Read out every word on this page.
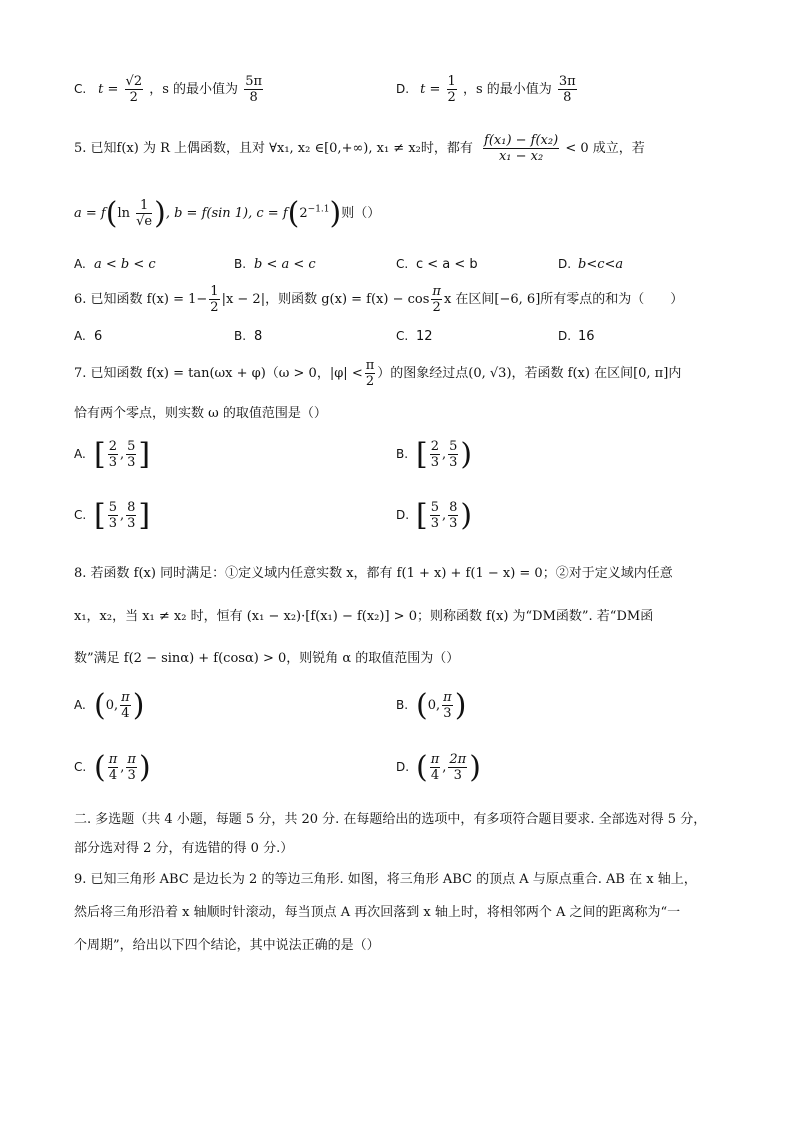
C. $t = \frac{√2}{2}$ ，s 的最小值为 $\frac{5\pi}{8}$	D. $t = \frac{1}{2}$ ，s 的最小值为 $\frac{3\pi}{8}$
5. 已知f(x) 为 R 上偶函数，且对 ∀x₁, x₂ ∈[0,+∞), x₁ ≠ x₂时，都有 $\frac{\text{f(x₁) − f(x₂)}}{\text{x₁ − x₂}} < 0$ 成立，若
$a = f(\ln \frac{1}{√e}$ ), b = f(sin 1), $c = f(2^{-1.1})$则（）
A. a < b < c	B. b < a < c	C. c < a < b	D. b<c<a
6. 已知函数 $f(x) = 1- \frac{1}{2} |x - 2|$，则函数 $g(x) = f(x) - \cos \frac{\pi}{2}$ x 在区间[−6, 6]所有零点的和为（　　）
A. 6	B. 8	C. 12	D. 16
7. 已知函数 f(x) = tan(ωx + φ)（ω > 0，$|\varphi| < \frac{\pi}{2}$ ）的图象经过点(0, √3)，若函数 f(x) 在区间[0, π]内
恰有两个零点，则实数 ω 的取值范围是（）
A. [ $\frac{2}{3}$ , $\frac{5}{3}$ ]	B. [ $\frac{2}{3}$ , $\frac{5}{3}$ )
C. [ $\frac{5}{3}$ , $\frac{8}{3}$ ]	D. [ $\frac{5}{3}$ , $\frac{8}{3}$ )
8. 若函数 f(x) 同时满足：①定义域内任意实数 x，都有 f(1 + x) + f(1 − x) = 0；②对于定义域内任意
x₁，x₂，当 x₁ ≠ x₂ 时，恒有 (x₁ − x₂)·[f(x₁) − f(x₂)] > 0；则称函数 f(x) 为“DM函数”. 若“DM函
数”满足 f(2 − sinα) + f(cosα) > 0，则锐角 α 的取值范围为（）
A. (0, $\frac{\pi}{4}$ )	B. (0, $\frac{\pi}{3}$ )
C. ( $\frac{\pi}{4}$ , $\frac{\pi}{3}$ )	D. ( $\frac{\pi}{4}$ , $\frac{2\pi}{3}$ )
二. 多选题（共 4 小题，每题 5 分，共 20 分. 在每题给出的选项中，有多项符合题目要求. 全部选对得 5 分，
部分选对得 2 分，有选错的得 0 分.）
9. 已知三角形 ABC 是边长为 2 的等边三角形. 如图，将三角形 ABC 的顶点 A 与原点重合. AB 在 x 轴上，
然后将三角形沿着 x 轴顺时针滚动，每当顶点 A 再次回落到 x 轴上时，将相邻两个 A 之间的距离称为“一
个周期”，给出以下四个结论，其中说法正确的是（）
